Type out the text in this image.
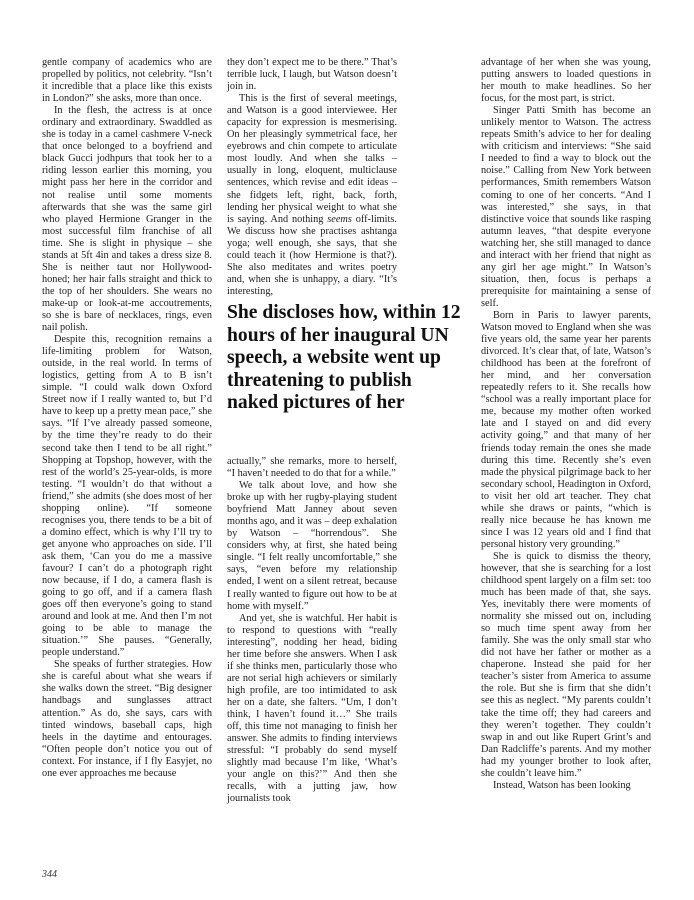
gentle company of academics who are propelled by politics, not celebrity. “Isn’t it incredible that a place like this exists in London?” she asks, more than once.

In the flesh, the actress is at once ordinary and extraordinary. Swaddled as she is today in a camel cashmere V-neck that once belonged to a boyfriend and black Gucci jodhpurs that took her to a riding lesson earlier this morning, you might pass her here in the corridor and not realise until some moments afterwards that she was the same girl who played Hermione Granger in the most successful film franchise of all time. She is slight in physique – she stands at 5ft 4in and takes a dress size 8. She is neither taut nor Hollywood-honed; her hair falls straight and thick to the top of her shoulders. She wears no make-up or look-at-me accoutrements, so she is bare of necklaces, rings, even nail polish.

Despite this, recognition remains a life-limiting problem for Watson, outside, in the real world. In terms of logistics, getting from A to B isn’t simple. “I could walk down Oxford Street now if I really wanted to, but I’d have to keep up a pretty mean pace,” she says. “If I’ve already passed someone, by the time they’re ready to do their second take then I tend to be all right.” Shopping at Topshop, however, with the rest of the world’s 25-year-olds, is more testing. “I wouldn’t do that without a friend,” she admits (she does most of her shopping online). “If someone recognises you, there tends to be a bit of a domino effect, which is why I’ll try to get anyone who approaches on side. I’ll ask them, ‘Can you do me a massive favour? I can’t do a photograph right now because, if I do, a camera flash is going to go off, and if a camera flash goes off then everyone’s going to stand around and look at me. And then I’m not going to be able to manage the situation.’” She pauses. “Generally, people understand.”

She speaks of further strategies. How she is careful about what she wears if she walks down the street. “Big designer handbags and sunglasses attract attention.” As do, she says, cars with tinted windows, baseball caps, high heels in the daytime and entourages. “Often people don’t notice you out of context. For instance, if I fly Easyjet, no one ever approaches me because

they don’t expect me to be there.” That’s terrible luck, I laugh, but Watson doesn’t join in.

This is the first of several meetings, and Watson is a good interviewee. Her capacity for expression is mesmerising. On her pleasingly symmetrical face, her eyebrows and chin compete to articulate most loudly. And when she talks – usually in long, eloquent, multiclause sentences, which revise and edit ideas – she fidgets left, right, back, forth, lending her physical weight to what she is saying. And nothing seems off-limits. We discuss how she practises ashtanga yoga; well enough, she says, that she could teach it (how Hermione is that?). She also meditates and writes poetry and, when she is unhappy, a diary. “It’s interesting,

She discloses how, within 12 hours of her inaugural UN speech, a website went up threatening to publish naked pictures of her

actually,” she remarks, more to herself, “I haven’t needed to do that for a while.”

We talk about love, and how she broke up with her rugby-playing student boyfriend Matt Janney about seven months ago, and it was – deep exhalation by Watson – “horrendous”. She considers why, at first, she hated being single. “I felt really uncomfortable,” she says, “even before my relationship ended, I went on a silent retreat, because I really wanted to figure out how to be at home with myself.”

And yet, she is watchful. Her habit is to respond to questions with “really interesting”, nodding her head, biding her time before she answers. When I ask if she thinks men, particularly those who are not serial high achievers or similarly high profile, are too intimidated to ask her on a date, she falters. “Um, I don’t think, I haven’t found it…” She trails off, this time not managing to finish her answer. She admits to finding interviews stressful: “I probably do send myself slightly mad because I’m like, ‘What’s your angle on this?’” And then she recalls, with a jutting jaw, how journalists took

advantage of her when she was young, putting answers to loaded questions in her mouth to make headlines. So her focus, for the most part, is strict.

Singer Patti Smith has become an unlikely mentor to Watson. The actress repeats Smith’s advice to her for dealing with criticism and interviews: “She said I needed to find a way to block out the noise.” Calling from New York between performances, Smith remembers Watson coming to one of her concerts. “And I was interested,” she says, in that distinctive voice that sounds like rasping autumn leaves, “that despite everyone watching her, she still managed to dance and interact with her friend that night as any girl her age might.” In Watson’s situation, then, focus is perhaps a prerequisite for maintaining a sense of self.

Born in Paris to lawyer parents, Watson moved to England when she was five years old, the same year her parents divorced. It’s clear that, of late, Watson’s childhood has been at the forefront of her mind, and her conversation repeatedly refers to it. She recalls how “school was a really important place for me, because my mother often worked late and I stayed on and did every activity going,” and that many of her friends today remain the ones she made during this time. Recently she’s even made the physical pilgrimage back to her secondary school, Headington in Oxford, to visit her old art teacher. They chat while she draws or paints, “which is really nice because he has known me since I was 12 years old and I find that personal history very grounding.”

She is quick to dismiss the theory, however, that she is searching for a lost childhood spent largely on a film set: too much has been made of that, she says. Yes, inevitably there were moments of normality she missed out on, including so much time spent away from her family. She was the only small star who did not have her father or mother as a chaperone. Instead she paid for her teacher’s sister from America to assume the role. But she is firm that she didn’t see this as neglect. “My parents couldn’t take the time off; they had careers and they weren’t together. They couldn’t swap in and out like Rupert Grint’s and Dan Radcliffe’s parents. And my mother had my younger brother to look after, she couldn’t leave him.”

Instead, Watson has been looking

344
